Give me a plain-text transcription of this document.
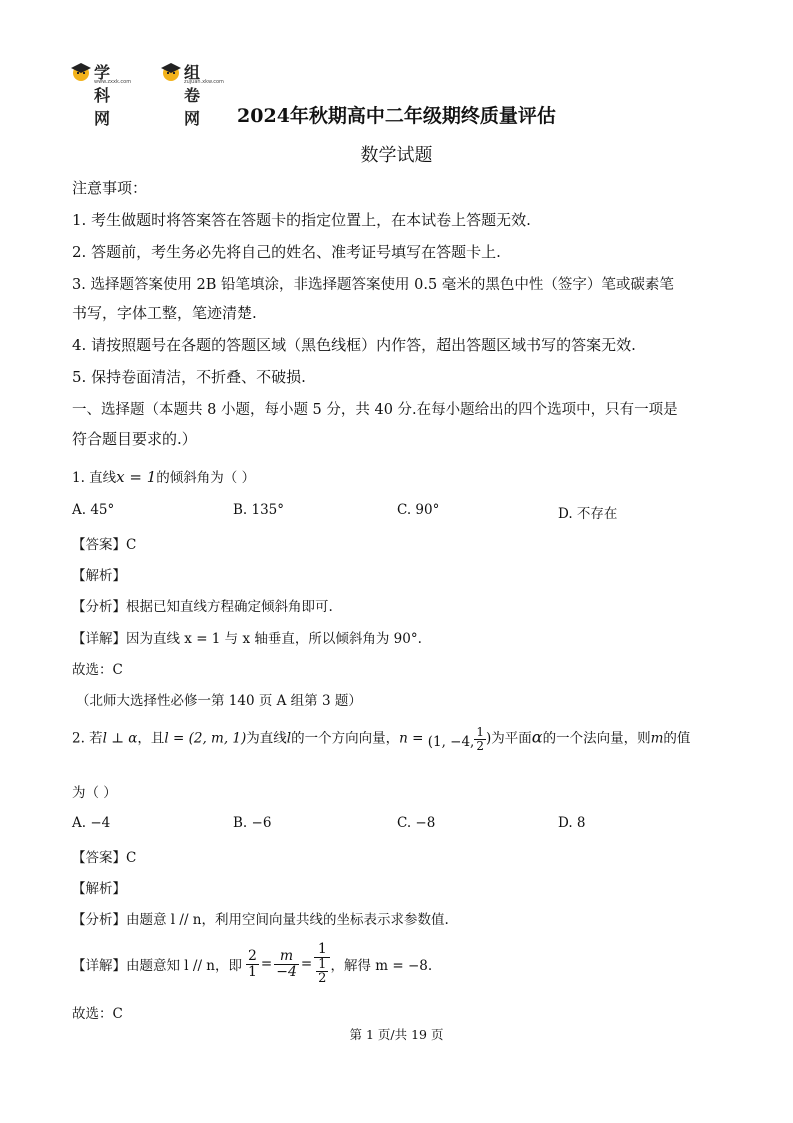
学科网
www.zxxk.com	组卷网
zujuan.xkw.com
2024年秋期高中二年级期终质量评估
数学试题
注意事项：
1. 考生做题时将答案答在答题卡的指定位置上，在本试卷上答题无效.
2. 答题前，考生务必先将自己的姓名、准考证号填写在答题卡上.
3. 选择题答案使用 2B 铅笔填涂，非选择题答案使用 0.5 毫米的黑色中性（签字）笔或碳素笔
书写，字体工整，笔迹清楚.
4. 请按照题号在各题的答题区域（黑色线框）内作答，超出答题区域书写的答案无效.
5. 保持卷面清洁，不折叠、不破损.
一、选择题（本题共 8 小题，每小题 5 分，共 40 分.在每小题给出的四个选项中，只有一项是
符合题目要求的.）
1. 直线x = 1的倾斜角为（ ）
A. 45°	B. 135°	C. 90°	D. 不存在
【答案】C
【解析】
【分析】根据已知直线方程确定倾斜角即可.
【详解】因为直线 x = 1 与 x 轴垂直，所以倾斜角为 90°.
故选：C
（北师大选择性必修一第 140 页 A 组第 3 题）
2. 若l ⊥ α，且l = (2, m, 1)为直线l的一个方向向量，n = (1, −4, $\frac{1}{2}$ )为平面α的一个法向量，则m的值
为（ ）
A. −4	B. −6	C. −8	D. 8
【答案】C
【解析】
【分析】由题意 l // n，利用空间向量共线的坐标表示求参数值.
【详解】由题意知 l // n，即 $\frac{2}{1} = \frac{m}{-4} = \frac{1}{\frac{1}{2}}$ ，解得 m = −8.
故选：C
第 1 页/共 19 页
